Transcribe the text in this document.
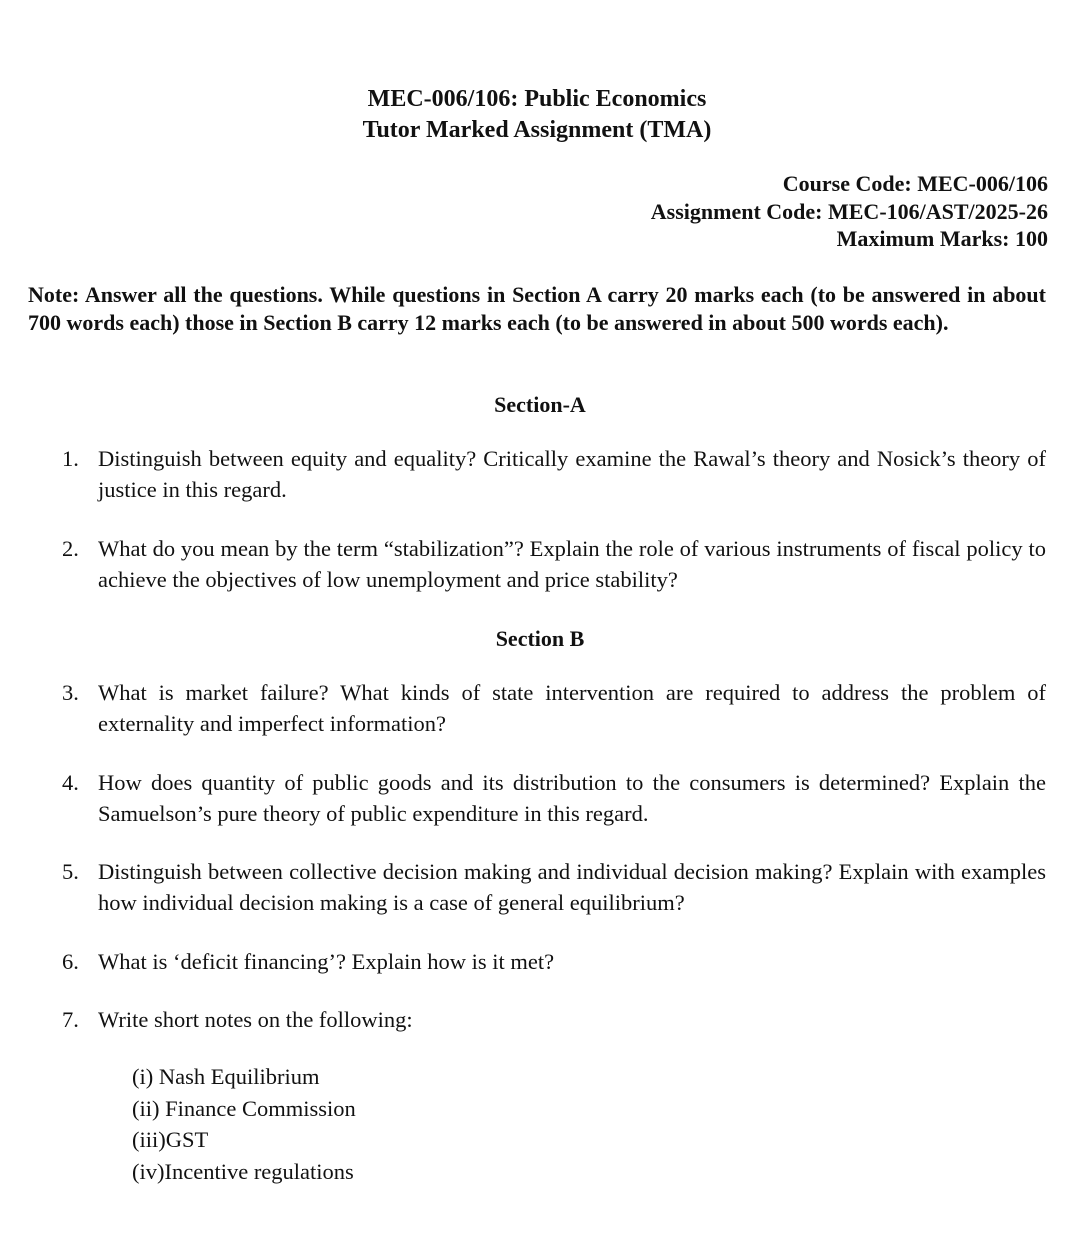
MEC-006/106: Public Economics
Tutor Marked Assignment (TMA)
Course Code: MEC-006/106
Assignment Code: MEC-106/AST/2025-26
Maximum Marks: 100
Note: Answer all the questions. While questions in Section A carry 20 marks each (to be answered in about 700 words each) those in Section B carry 12 marks each (to be answered in about 500 words each).
Section-A
1. Distinguish between equity and equality? Critically examine the Rawal’s theory and Nosick’s theory of justice in this regard.
2. What do you mean by the term “stabilization”? Explain the role of various instruments of fiscal policy to achieve the objectives of low unemployment and price stability?
Section B
3. What is market failure? What kinds of state intervention are required to address the problem of externality and imperfect information?
4. How does quantity of public goods and its distribution to the consumers is determined? Explain the Samuelson’s pure theory of public expenditure in this regard.
5. Distinguish between collective decision making and individual decision making? Explain with examples how individual decision making is a case of general equilibrium?
6. What is ‘deficit financing’? Explain how is it met?
7. Write short notes on the following:
(i) Nash Equilibrium
(ii) Finance Commission
(iii)GST
(iv)Incentive regulations
